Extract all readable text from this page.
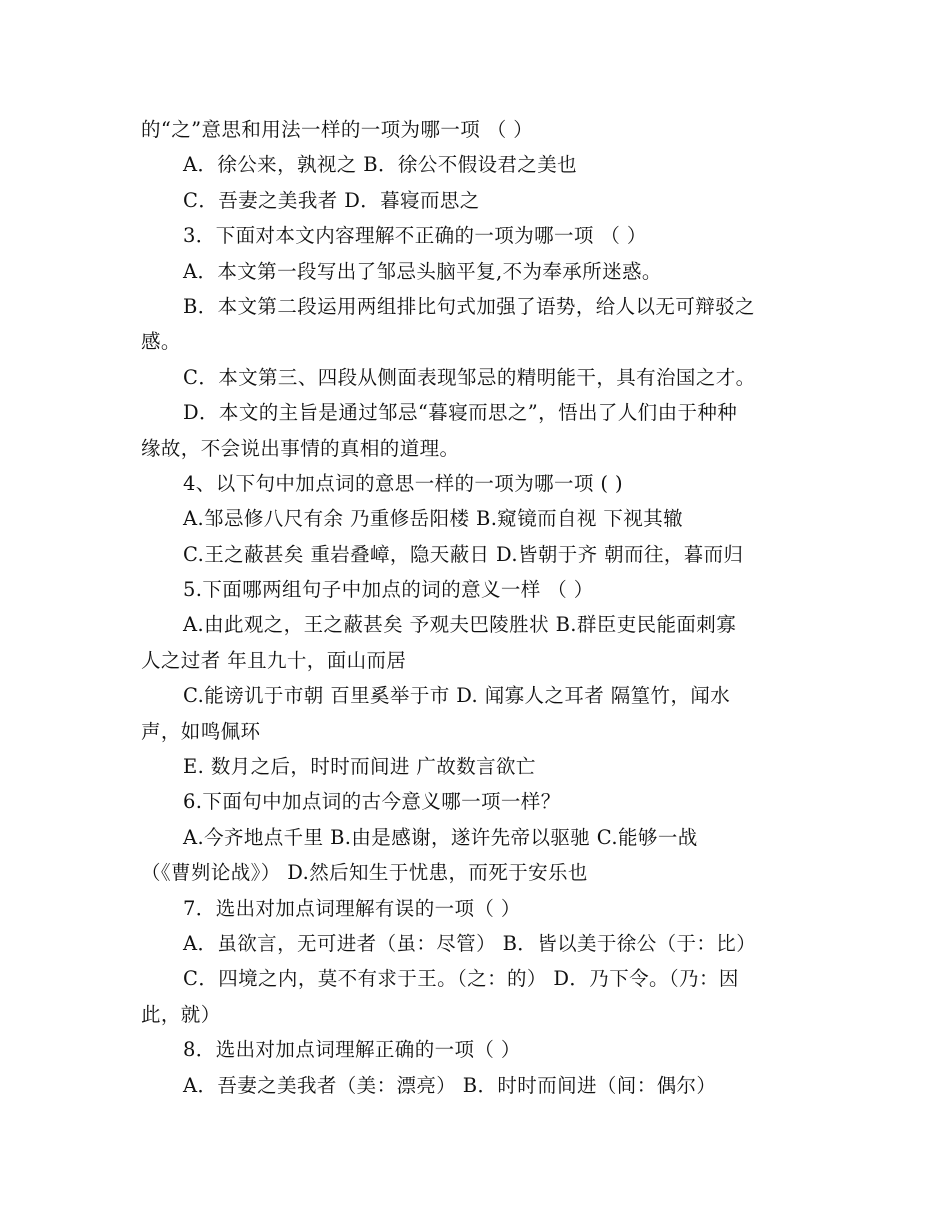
的“之”意思和用法一样的一项为哪一项 （ ）
A．徐公来，孰视之 B．徐公不假设君之美也
C．吾妻之美我者 D．暮寝而思之
3．下面对本文内容理解不正确的一项为哪一项 （ ）
A．本文第一段写出了邹忌头脑平复,不为奉承所迷惑。
B．本文第二段运用两组排比句式加强了语势，给人以无可辩驳之
感。
C．本文第三、四段从侧面表现邹忌的精明能干，具有治国之才。
D．本文的主旨是通过邹忌“暮寝而思之”，悟出了人们由于种种
缘故，不会说出事情的真相的道理。
4、以下句中加点词的意思一样的一项为哪一项 ( )
A.邹忌修八尺有余 乃重修岳阳楼 B.窥镜而自视 下视其辙
C.王之蔽甚矣 重岩叠嶂，隐天蔽日 D.皆朝于齐 朝而往，暮而归
5.下面哪两组句子中加点的词的意义一样 （ ）
A.由此观之，王之蔽甚矣 予观夫巴陵胜状 B.群臣吏民能面刺寡
人之过者 年且九十，面山而居
C.能谤讥于市朝 百里奚举于市 D. 闻寡人之耳者 隔篁竹，闻水
声，如鸣佩环
E. 数月之后，时时而间进 广故数言欲亡
6.下面句中加点词的古今意义哪一项一样？
A.今齐地点千里 B.由是感谢，遂许先帝以驱驰 C.能够一战
（《曹刿论战》） D.然后知生于忧患，而死于安乐也
7．选出对加点词理解有误的一项（ ）
A．虽欲言，无可进者（虽：尽管） B．皆以美于徐公（于：比）
C．四境之内，莫不有求于王。（之：的） D．乃下令。（乃：因
此，就）
8．选出对加点词理解正确的一项（ ）
A．吾妻之美我者（美：漂亮） B．时时而间进（间：偶尔）
